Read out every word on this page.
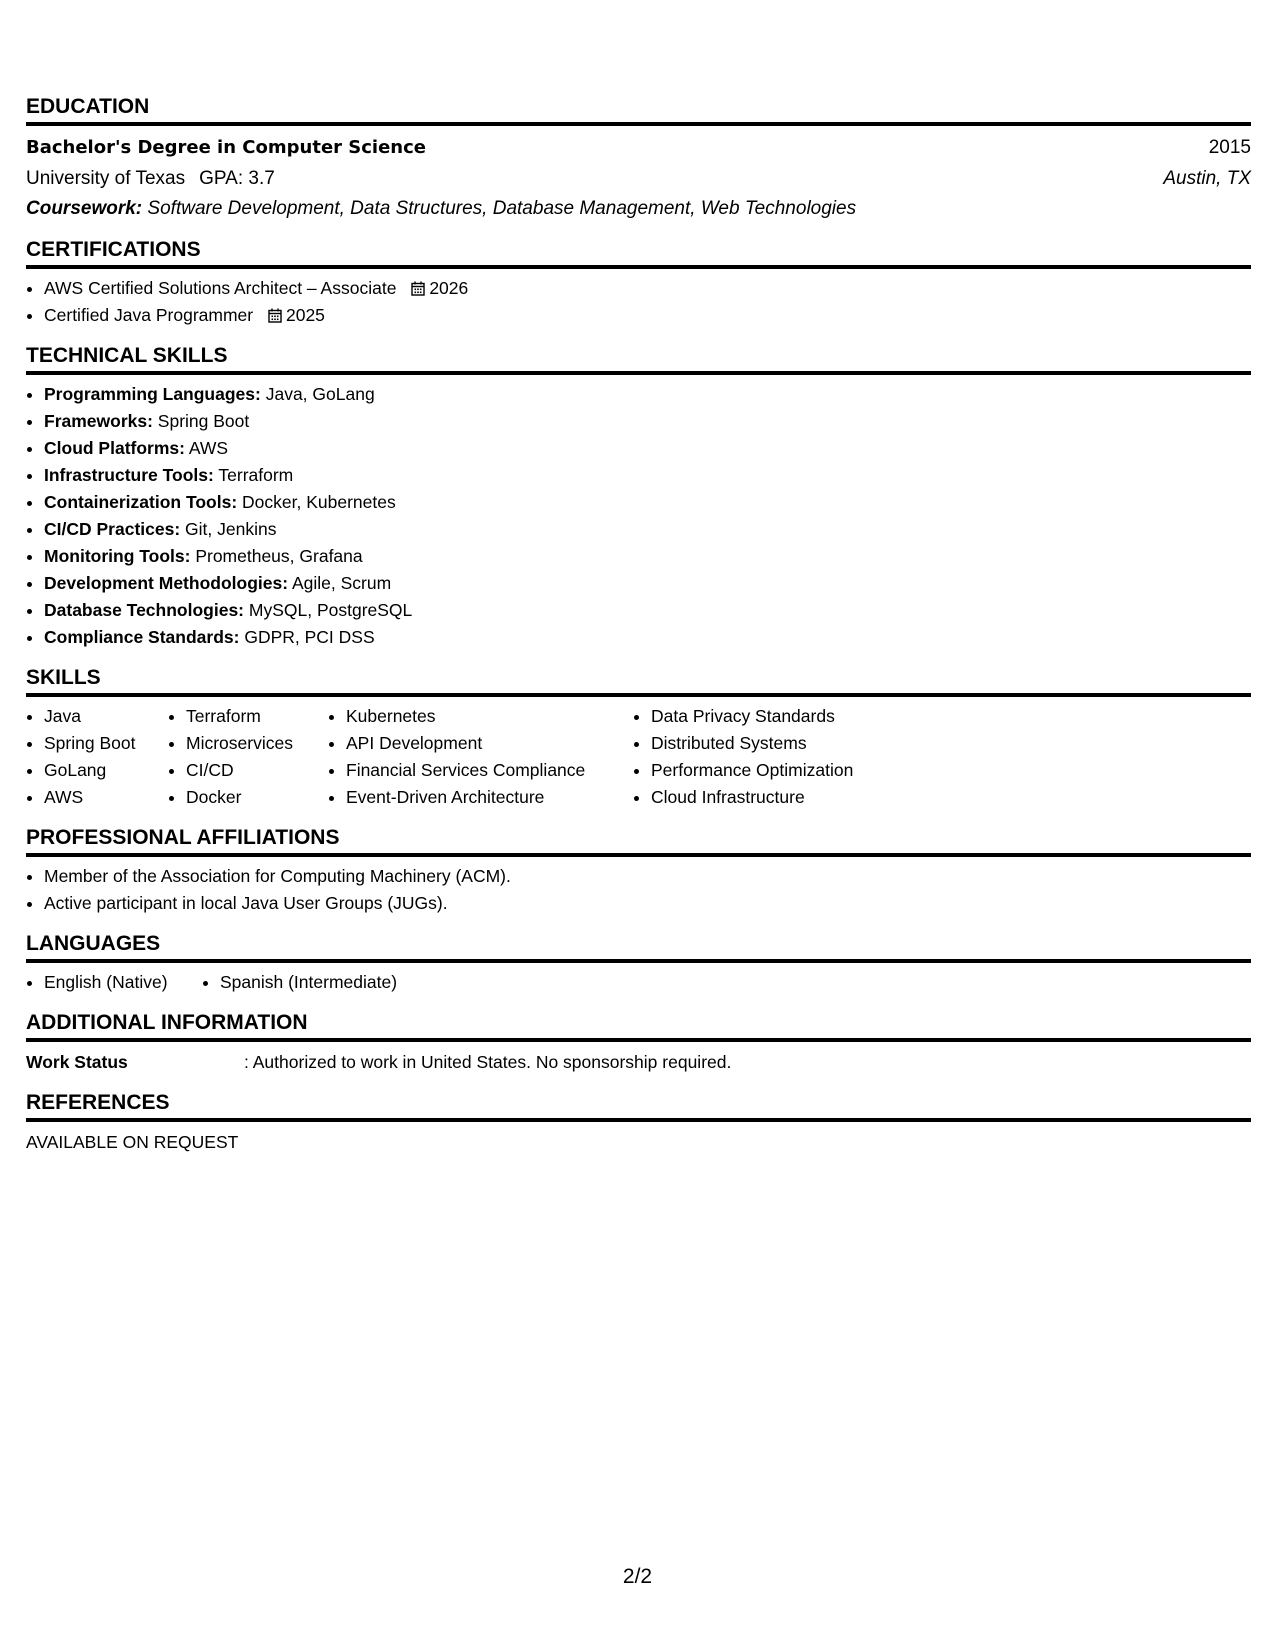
EDUCATION
Bachelor's Degree in Computer Science	2015
University of Texas GPA: 3.7	Austin, TX
Coursework: Software Development, Data Structures, Database Management, Web Technologies
CERTIFICATIONS
• AWS Certified Solutions Architect – Associate 2026
• Certified Java Programmer 2025
TECHNICAL SKILLS
• Programming Languages: Java, GoLang
• Frameworks: Spring Boot
• Cloud Platforms: AWS
• Infrastructure Tools: Terraform
• Containerization Tools: Docker, Kubernetes
• CI/CD Practices: Git, Jenkins
• Monitoring Tools: Prometheus, Grafana
• Development Methodologies: Agile, Scrum
• Database Technologies: MySQL, PostgreSQL
• Compliance Standards: GDPR, PCI DSS
SKILLS
• Java
• Spring Boot
• GoLang
• AWS
• Terraform
• Microservices
• CI/CD
• Docker
• Kubernetes
• API Development
• Financial Services Compliance
• Event-Driven Architecture
• Data Privacy Standards
• Distributed Systems
• Performance Optimization
• Cloud Infrastructure
PROFESSIONAL AFFILIATIONS
• Member of the Association for Computing Machinery (ACM).
• Active participant in local Java User Groups (JUGs).
LANGUAGES
• English (Native)
•	Spanish (Intermediate)
ADDITIONAL INFORMATION
Work Status	: Authorized to work in United States. No sponsorship required.
REFERENCES
AVAILABLE ON REQUEST
2/2
